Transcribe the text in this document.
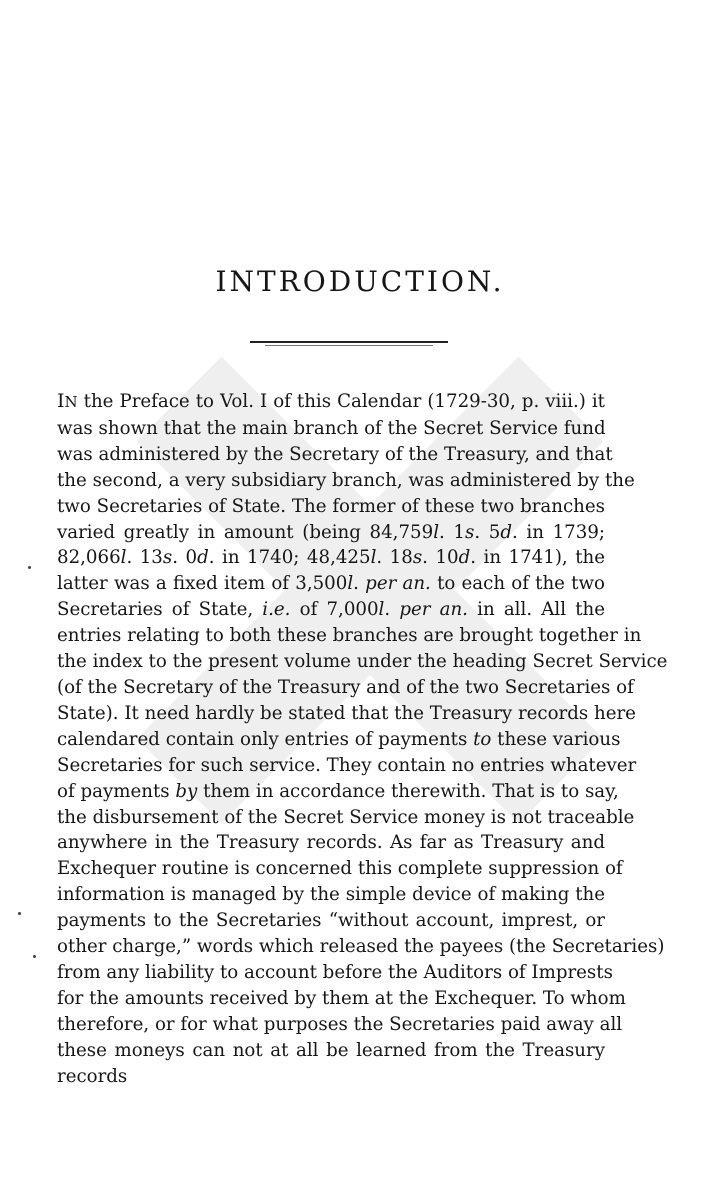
INTRODUCTION.
IN the Preface to Vol. I of this Calendar (1729-30, p. viii.) it
was shown that the main branch of the Secret Service fund
was administered by the Secretary of the Treasury, and that
the second, a very subsidiary branch, was administered by the
two Secretaries of State. The former of these two branches
varied greatly in amount (being 84,759l. 1s. 5d. in 1739;
82,066l. 13s. 0d. in 1740; 48,425l. 18s. 10d. in 1741), the
latter was a fixed item of 3,500l. per an. to each of the two
Secretaries of State, i.e. of 7,000l. per an. in all. All the
entries relating to both these branches are brought together in
the index to the present volume under the heading Secret Service
(of the Secretary of the Treasury and of the two Secretaries of
State). It need hardly be stated that the Treasury records here
calendared contain only entries of payments to these various
Secretaries for such service. They contain no entries whatever
of payments by them in accordance therewith. That is to say,
the disbursement of the Secret Service money is not traceable
anywhere in the Treasury records. As far as Treasury and
Exchequer routine is concerned this complete suppression of
information is managed by the simple device of making the
payments to the Secretaries “without account, imprest, or
other charge,” words which released the payees (the Secretaries)
from any liability to account before the Auditors of Imprests
for the amounts received by them at the Exchequer. To whom
therefore, or for what purposes the Secretaries paid away all
these moneys can not at all be learned from the Treasury
records
